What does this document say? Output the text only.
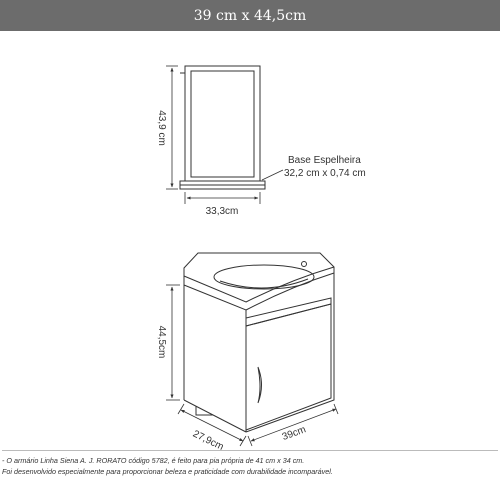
39 cm x 44,5cm
43,9 cm
33,3cm
Base Espelheira
32,2 cm x 0,74 cm
44,5cm
27,9cm	39cm
- O armário Linha Siena A. J. RORATO código 5782, é feito para pia própria de 41 cm x 34 cm.
Foi desenvolvido especialmente para proporcionar beleza e praticidade com durabilidade incomparável.
